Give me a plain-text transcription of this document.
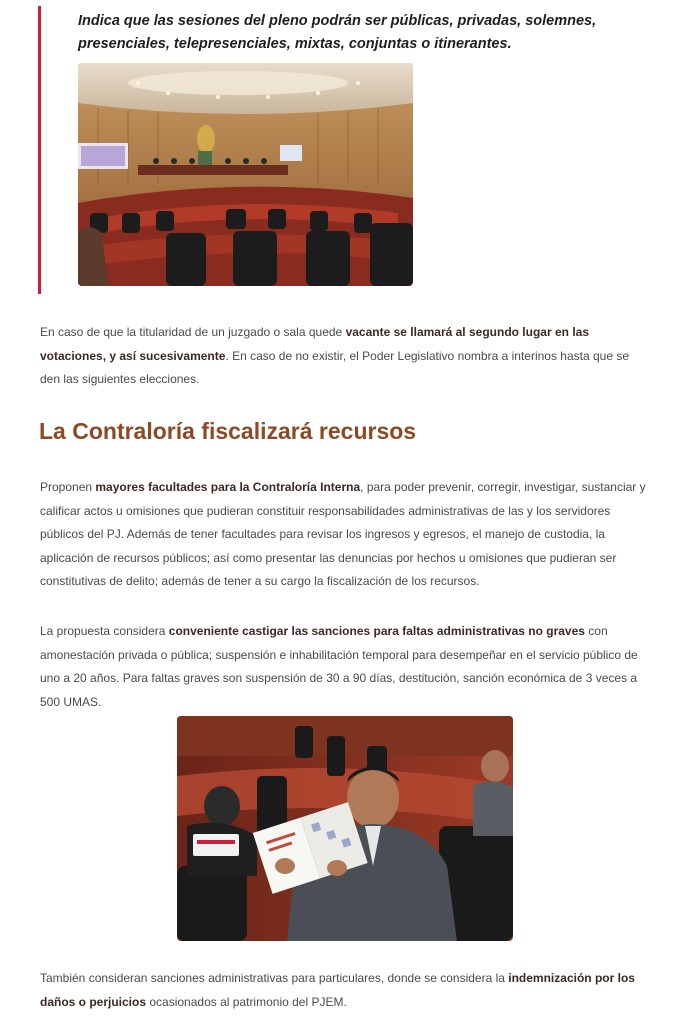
Indica que las sesiones del pleno podrán ser públicas, privadas, solemnes, presenciales, telepresenciales, mixtas, conjuntas o itinerantes.

En caso de que la titularidad de un juzgado o sala quede vacante se llamará al segundo lugar en las votaciones, y así sucesivamente. En caso de no existir, el Poder Legislativo nombra a interinos hasta que se den las siguientes elecciones.

La Contraloría fiscalizará recursos

Proponen mayores facultades para la Contraloría Interna, para poder prevenir, corregir, investigar, sustanciar y calificar actos u omisiones que pudieran constituir responsabilidades administrativas de las y los servidores públicos del PJ. Además de tener facultades para revisar los ingresos y egresos, el manejo de custodia, la aplicación de recursos públicos; así como presentar las denuncias por hechos u omisiones que pudieran ser constitutivas de delito; además de tener a su cargo la fiscalización de los recursos.

La propuesta considera conveniente castigar las sanciones para faltas administrativas no graves con amonestación privada o pública; suspensión e inhabilitación temporal para desempeñar en el servicio público de uno a 20 años. Para faltas graves son suspensión de 30 a 90 días, destitución, sanción económica de 3 veces a 500 UMAS.

También consideran sanciones administrativas para particulares, donde se considera la indemnización por los daños o perjuicios ocasionados al patrimonio del PJEM.
